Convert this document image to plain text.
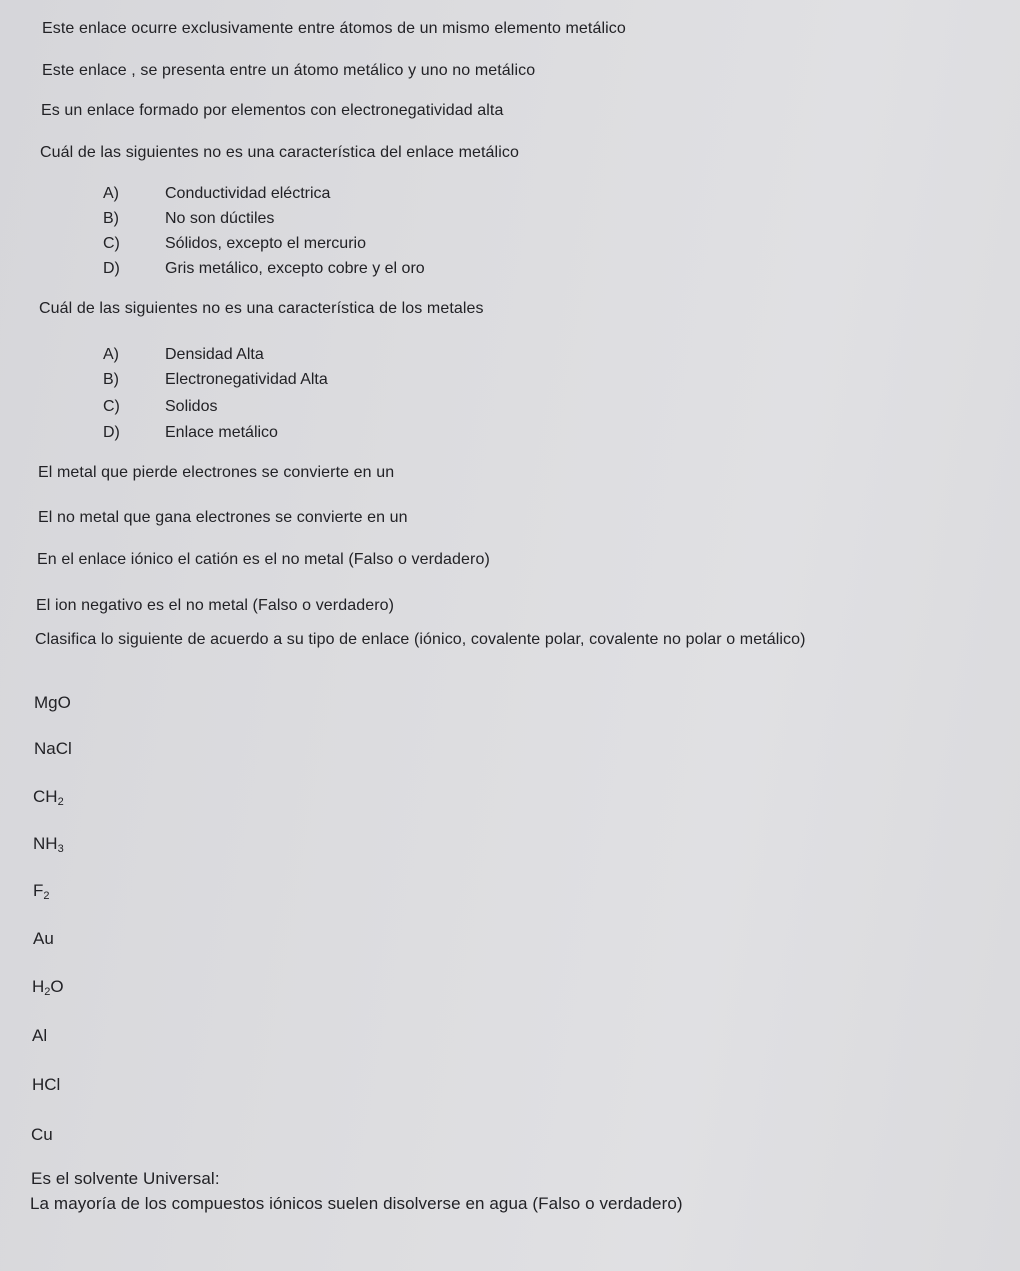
Este enlace ocurre exclusivamente entre átomos de un mismo elemento metálico
Este enlace , se presenta entre un átomo metálico y uno no metálico
Es un enlace formado por elementos con electronegatividad alta
Cuál de las siguientes no es una característica del enlace metálico
A)	Conductividad eléctrica
B)	No son dúctiles
C)	Sólidos, excepto el mercurio
D)	Gris metálico, excepto cobre y el oro
Cuál de las siguientes no es una característica de los metales
A)	Densidad Alta
B)	Electronegatividad Alta
C)	Solidos
D)	Enlace metálico
El metal que pierde electrones se convierte en un
El no metal que gana electrones se convierte en un
En el enlace iónico el catión es el no metal (Falso o verdadero)
El ion negativo es el no metal (Falso o verdadero)
Clasifica lo siguiente de acuerdo a su tipo de enlace (iónico, covalente polar, covalente no polar o metálico)
MgO
NaCl
$CH_2$
$NH_3$
$F_2$
Au
$H_2O$
Al
HCl
Cu
Es el solvente Universal:
La mayoría de los compuestos iónicos suelen disolverse en agua (Falso o verdadero)
